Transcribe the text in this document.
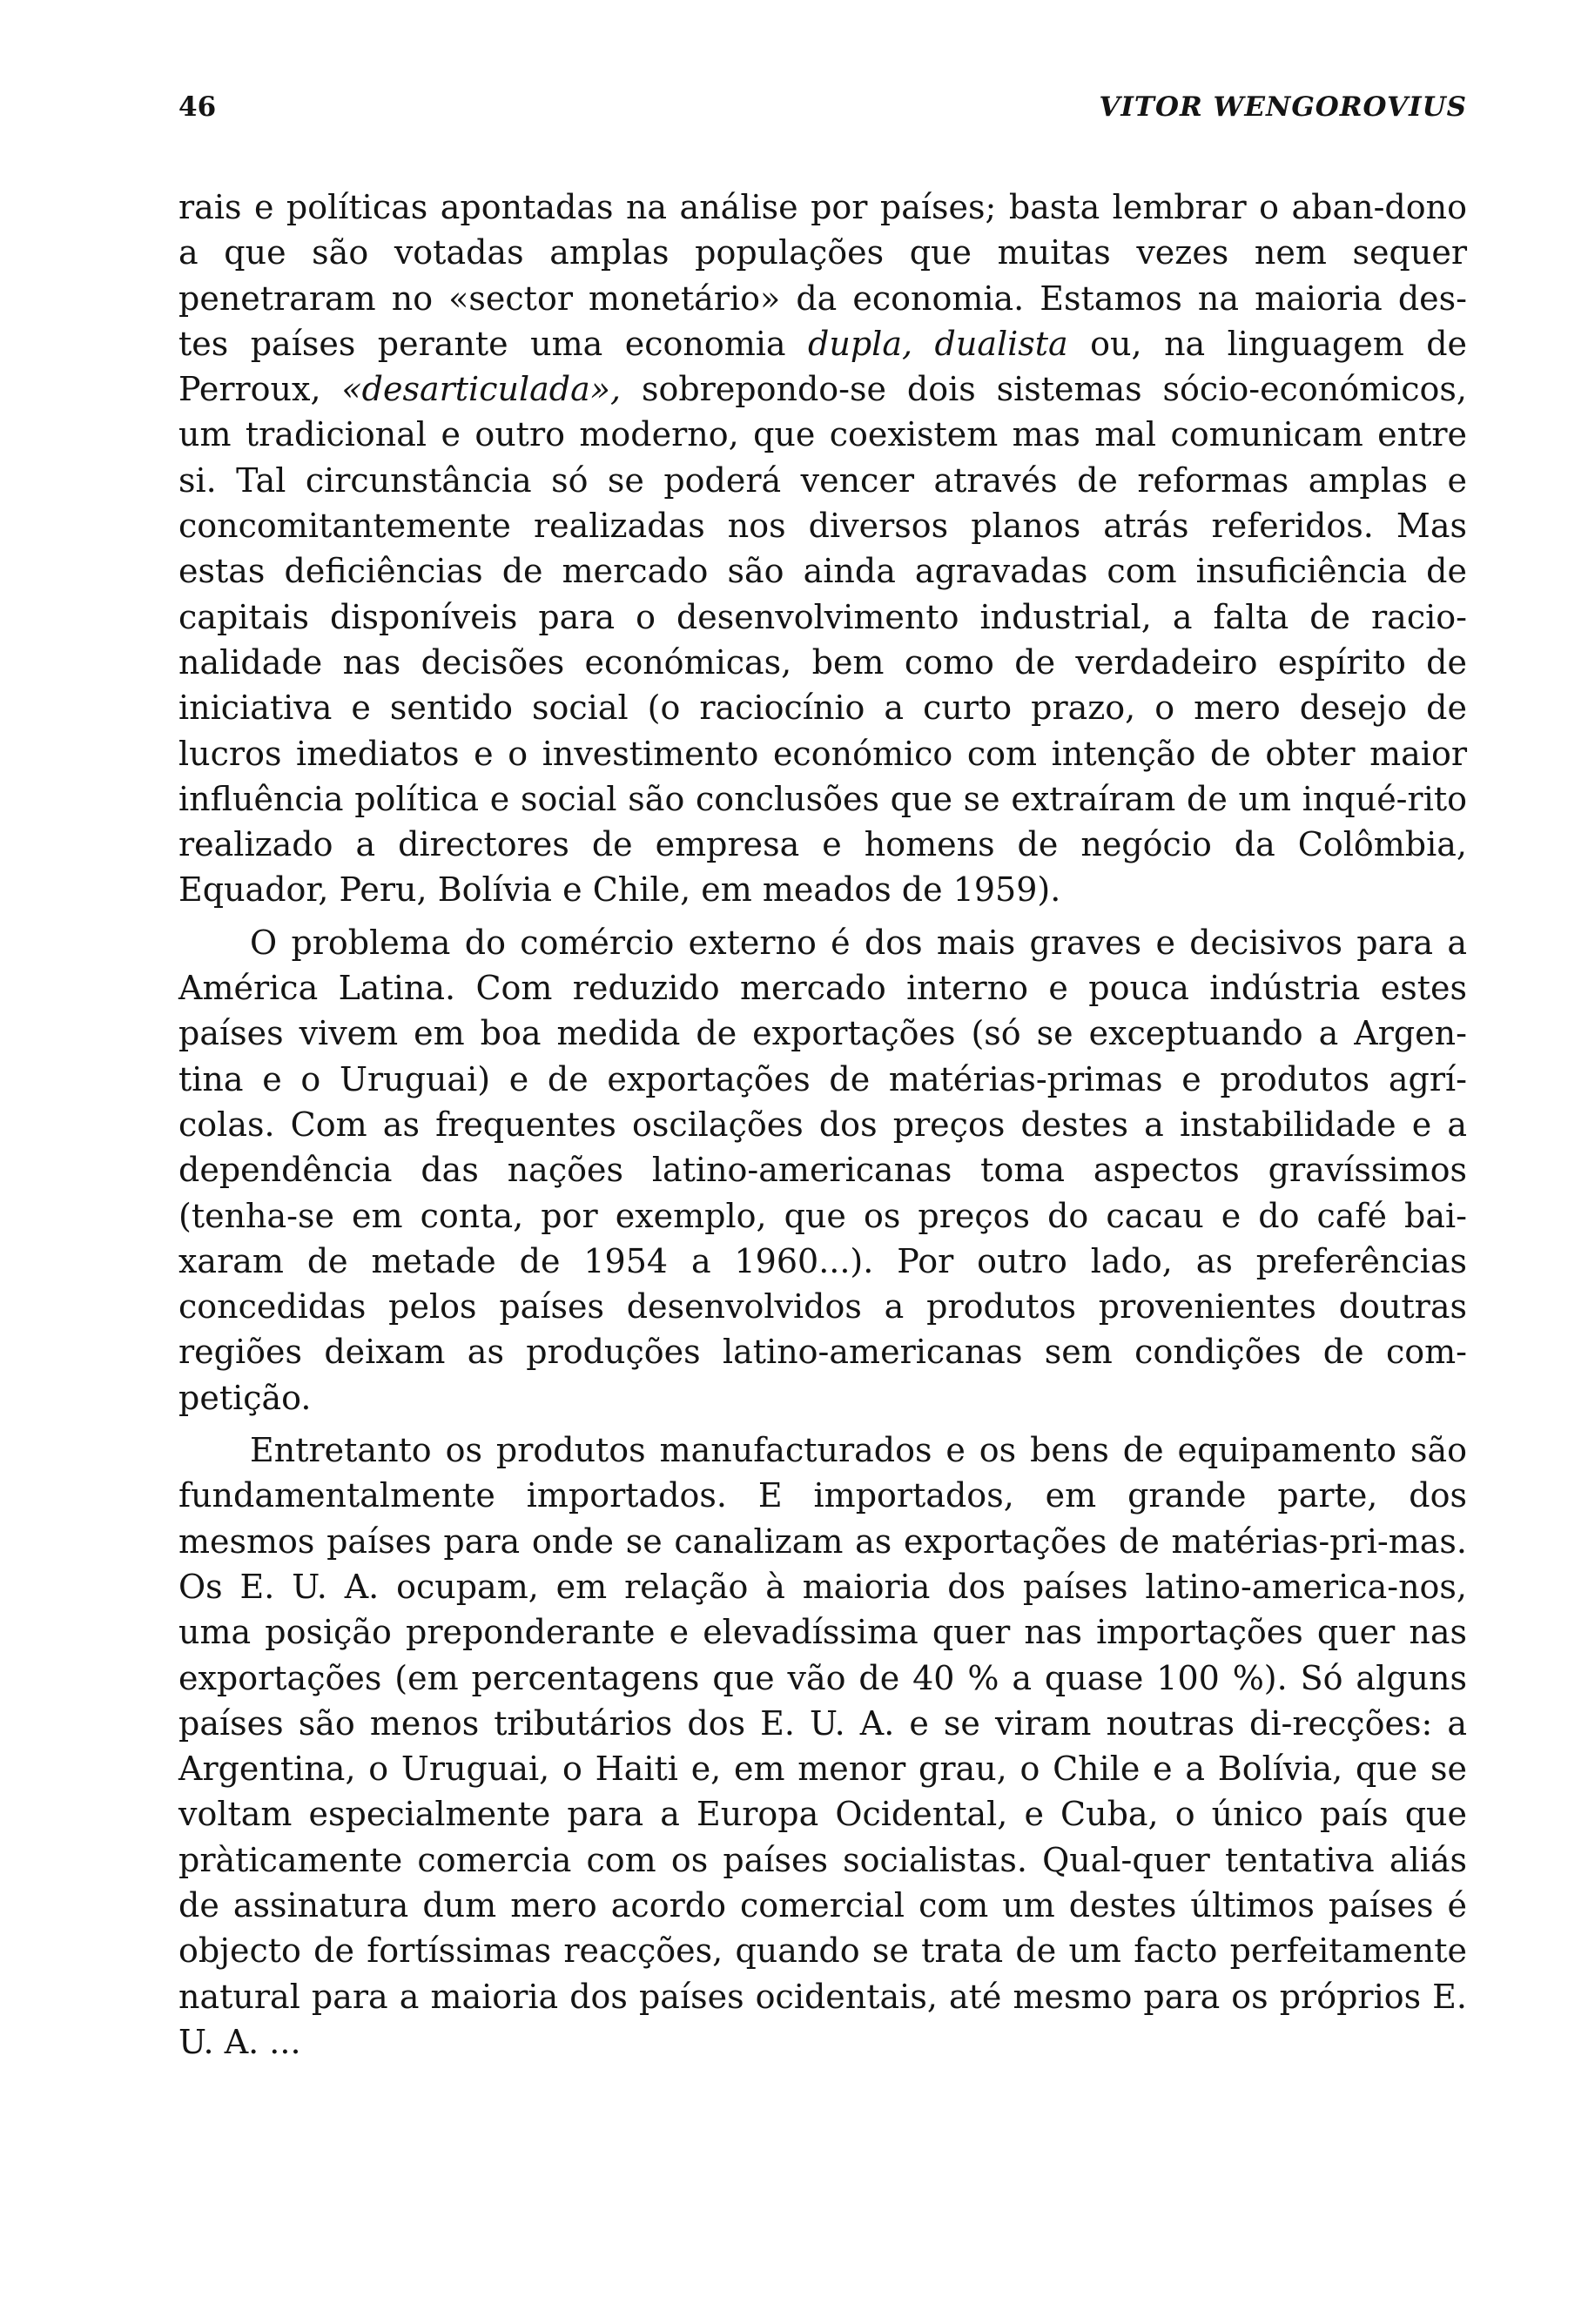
46	VITOR WENGOROVIUS

rais e políticas apontadas na análise por países; basta lembrar o aban-dono a que são votadas amplas populações que muitas vezes nem sequer penetraram no «sector monetário» da economia. Estamos na maioria des-tes países perante uma economia dupla, dualista ou, na linguagem de Perroux, «desarticulada», sobrepondo-se dois sistemas sócio-económicos, um tradicional e outro moderno, que coexistem mas mal comunicam entre si. Tal circunstância só se poderá vencer através de reformas amplas e concomitantemente realizadas nos diversos planos atrás referidos. Mas estas deficiências de mercado são ainda agravadas com insuficiência de capitais disponíveis para o desenvolvimento industrial, a falta de racio-nalidade nas decisões económicas, bem como de verdadeiro espírito de iniciativa e sentido social (o raciocínio a curto prazo, o mero desejo de lucros imediatos e o investimento económico com intenção de obter maior influência política e social são conclusões que se extraíram de um inqué-rito realizado a directores de empresa e homens de negócio da Colômbia, Equador, Peru, Bolívia e Chile, em meados de 1959).

O problema do comércio externo é dos mais graves e decisivos para a América Latina. Com reduzido mercado interno e pouca indústria estes países vivem em boa medida de exportações (só se exceptuando a Argen-tina e o Uruguai) e de exportações de matérias-primas e produtos agrí-colas. Com as frequentes oscilações dos preços destes a instabilidade e a dependência das nações latino-americanas toma aspectos gravíssimos (tenha-se em conta, por exemplo, que os preços do cacau e do café bai-xaram de metade de 1954 a 1960...). Por outro lado, as preferências concedidas pelos países desenvolvidos a produtos provenientes doutras regiões deixam as produções latino-americanas sem condições de com-petição.

Entretanto os produtos manufacturados e os bens de equipamento são fundamentalmente importados. E importados, em grande parte, dos mesmos países para onde se canalizam as exportações de matérias-pri-mas. Os E. U. A. ocupam, em relação à maioria dos países latino-america-nos, uma posição preponderante e elevadíssima quer nas importações quer nas exportações (em percentagens que vão de 40 % a quase 100 %). Só alguns países são menos tributários dos E. U. A. e se viram noutras di-recções: a Argentina, o Uruguai, o Haiti e, em menor grau, o Chile e a Bolívia, que se voltam especialmente para a Europa Ocidental, e Cuba, o único país que pràticamente comercia com os países socialistas. Qual-quer tentativa aliás de assinatura dum mero acordo comercial com um destes últimos países é objecto de fortíssimas reacções, quando se trata de um facto perfeitamente natural para a maioria dos países ocidentais, até mesmo para os próprios E. U. A. ...
